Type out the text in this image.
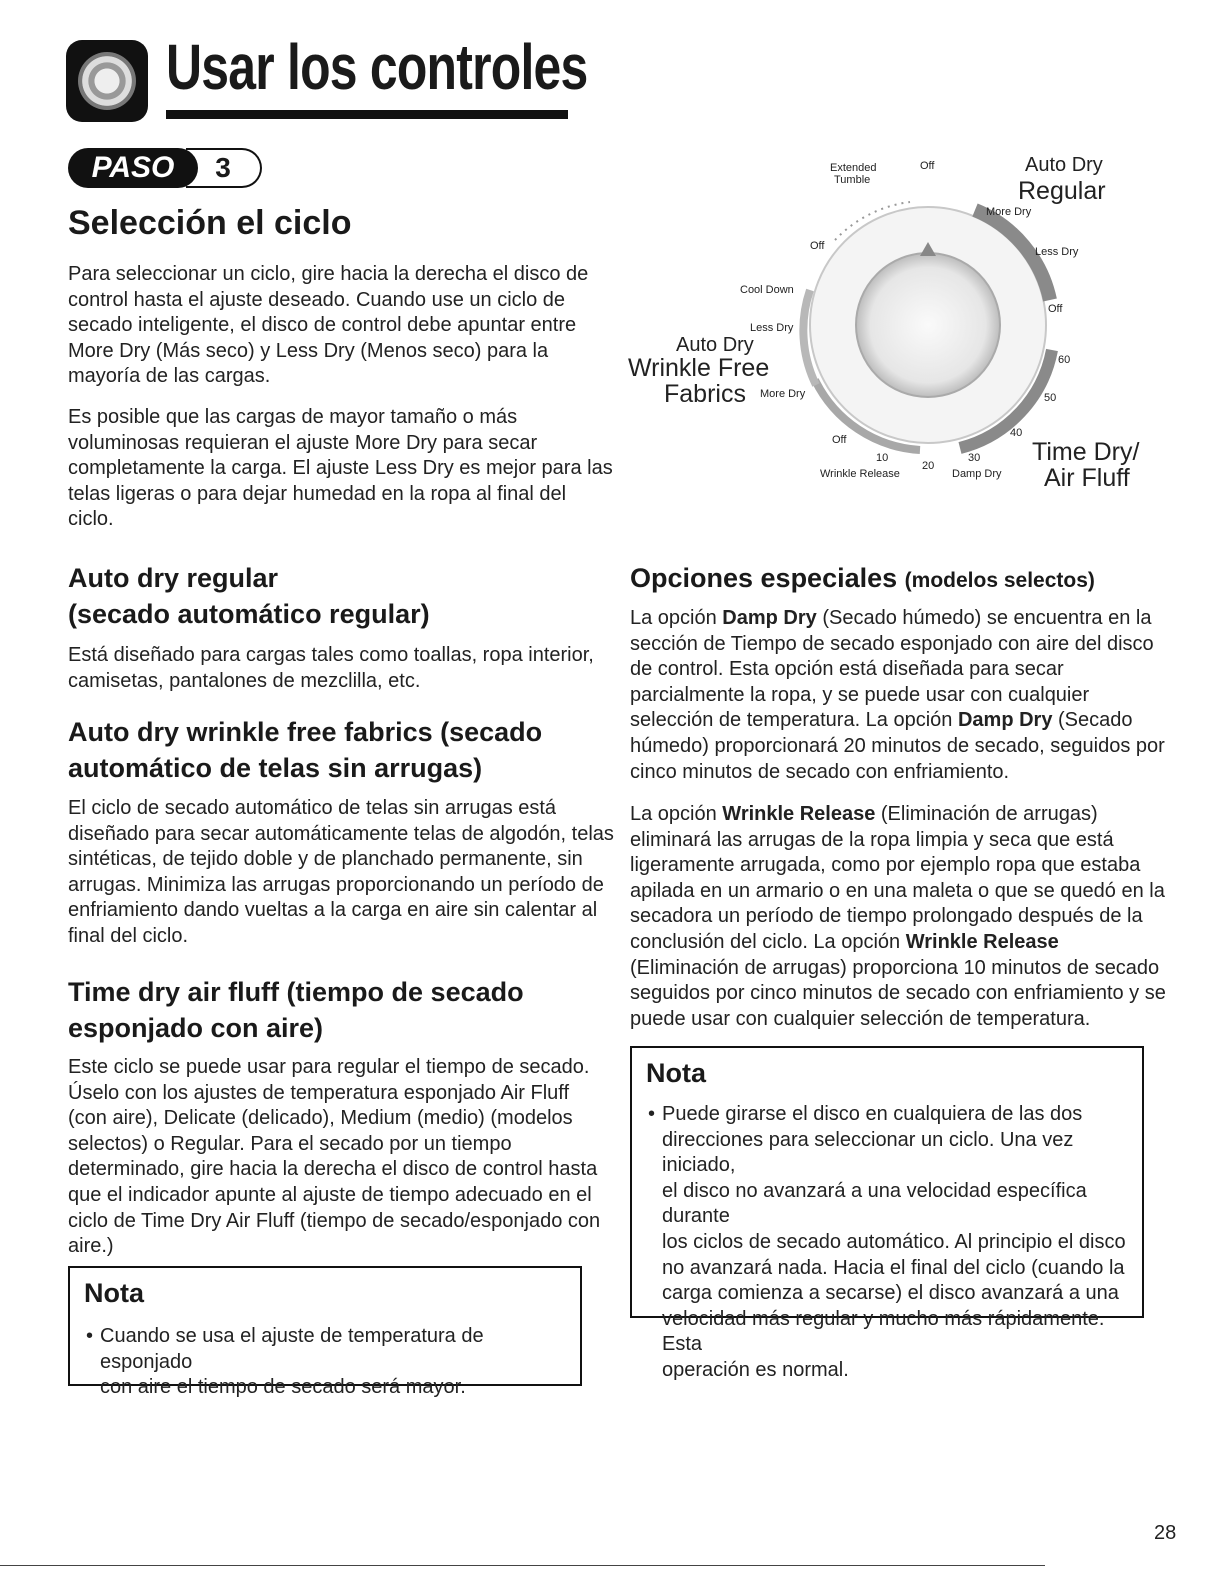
Usar los controles
3
PASO
Selección el ciclo

Para seleccionar un ciclo, gire hacia la derecha el disco de
control hasta el ajuste deseado. Cuando use un ciclo de
secado inteligente, el disco de control debe apuntar entre
More Dry (Más seco) y Less Dry (Menos seco) para la
mayoría de las cargas.

Es posible que las cargas de mayor tamaño o más
voluminosas requieran el ajuste More Dry para secar
completamente la carga. El ajuste Less Dry es mejor para las
telas ligeras o para dejar humedad en la ropa al final del
ciclo.

Auto dry regular
(secado automático regular)

Está diseñado para cargas tales como toallas, ropa interior,
camisetas, pantalones de mezclilla, etc.

Auto dry wrinkle free fabrics (secado
automático de telas sin arrugas)

El ciclo de secado automático de telas sin arrugas está
diseñado para secar automáticamente telas de algodón, telas
sintéticas, de tejido doble y de planchado permanente, sin
arrugas. Minimiza las arrugas proporcionando un período de
enfriamiento dando vueltas a la carga en aire sin calentar al
final del ciclo.

Time dry air fluff (tiempo de secado
esponjado con aire)

Este ciclo se puede usar para regular el tiempo de secado.
Úselo con los ajustes de temperatura esponjado Air Fluff
(con aire), Delicate (delicado), Medium (medio) (modelos
selectos) o Regular. Para el secado por un tiempo
determinado, gire hacia la derecha el disco de control hasta
que el indicador apunte al ajuste de tiempo adecuado en el
ciclo de Time Dry Air Fluff (tiempo de secado/esponjado con
aire.)

Nota
• Cuando se usa el ajuste de temperatura de esponjado
con aire el tiempo de secado será mayor.

Auto Dry
Regular
More Dry
Less Dry
Off
60
50
40
30
20
10
Damp Dry
Wrinkle Release
Off	Time Dry/
Air Fluff
Extended
Tumble
Off
Off
Cool Down
Less Dry
More Dry
Auto Dry
Wrinkle Free
Fabrics
Opciones especiales (modelos selectos)

La opción Damp Dry (Secado húmedo) se encuentra en la
sección de Tiempo de secado esponjado con aire del disco
de control. Esta opción está diseñada para secar
parcialmente la ropa, y se puede usar con cualquier
selección de temperatura. La opción Damp Dry (Secado
húmedo) proporcionará 20 minutos de secado, seguidos por
cinco minutos de secado con enfriamiento.

La opción Wrinkle Release (Eliminación de arrugas)
eliminará las arrugas de la ropa limpia y seca que está
ligeramente arrugada, como por ejemplo ropa que estaba
apilada en un armario o en una maleta o que se quedó en la
secadora un período de tiempo prolongado después de la
conclusión del ciclo. La opción Wrinkle Release
(Eliminación de arrugas) proporciona 10 minutos de secado
seguidos por cinco minutos de secado con enfriamiento y se
puede usar con cualquier selección de temperatura.

Nota
• Puede girarse el disco en cualquiera de las dos
direcciones para seleccionar un ciclo. Una vez iniciado,
el disco no avanzará a una velocidad específica durante
los ciclos de secado automático. Al principio el disco
no avanzará nada. Hacia el final del ciclo (cuando la
carga comienza a secarse) el disco avanzará a una
velocidad más regular y mucho más rápidamente. Esta
operación es normal.

28
